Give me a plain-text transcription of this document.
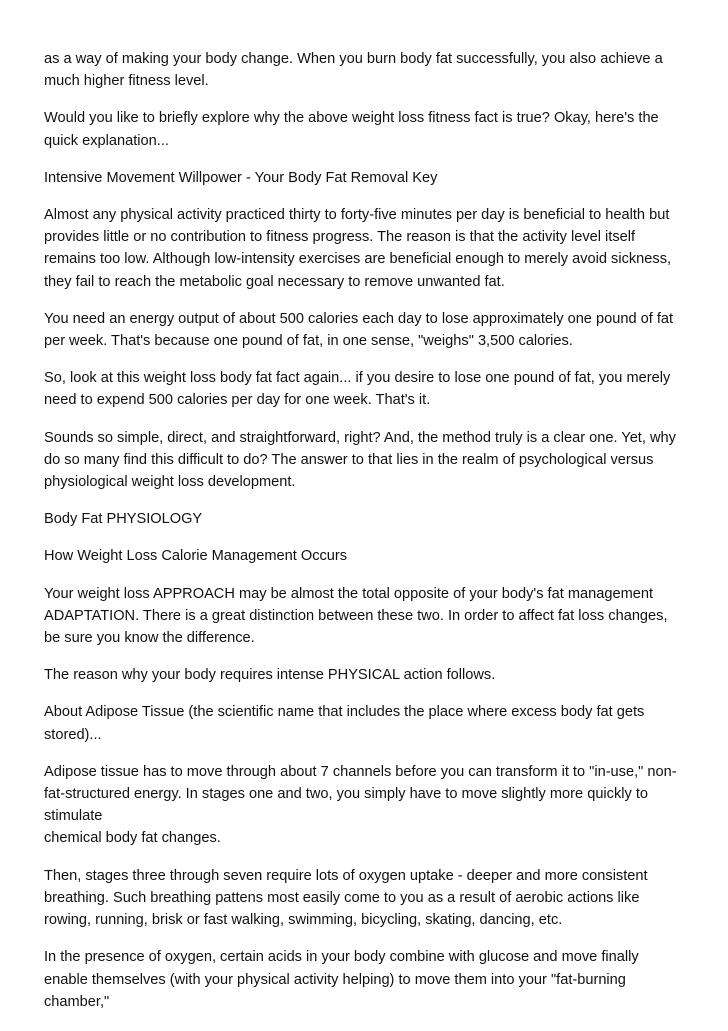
as a way of making your body change. When you burn body fat successfully, you also achieve a
much higher fitness level.

Would you like to briefly explore why the above weight loss fitness fact is true? Okay, here's the
quick explanation...

Intensive Movement Willpower - Your Body Fat Removal Key

Almost any physical activity practiced thirty to forty-five minutes per day is beneficial to health but
provides little or no contribution to fitness progress. The reason is that the activity level itself
remains too low. Although low-intensity exercises are beneficial enough to merely avoid sickness,
they fail to reach the metabolic goal necessary to remove unwanted fat.

You need an energy output of about 500 calories each day to lose approximately one pound of fat
per week. That's because one pound of fat, in one sense, "weighs" 3,500 calories.

So, look at this weight loss body fat fact again... if you desire to lose one pound of fat, you merely
need to expend 500 calories per day for one week. That's it.

Sounds so simple, direct, and straightforward, right? And, the method truly is a clear one. Yet, why
do so many find this difficult to do? The answer to that lies in the realm of psychological versus
physiological weight loss development.

Body Fat PHYSIOLOGY

How Weight Loss Calorie Management Occurs

Your weight loss APPROACH may be almost the total opposite of your body's fat management
ADAPTATION. There is a great distinction between these two. In order to affect fat loss changes,
be sure you know the difference.

The reason why your body requires intense PHYSICAL action follows.

About Adipose Tissue (the scientific name that includes the place where excess body fat gets
stored)...

Adipose tissue has to move through about 7 channels before you can transform it to "in-use," non-
fat-structured energy. In stages one and two, you simply have to move slightly more quickly to
stimulate
chemical body fat changes.

Then, stages three through seven require lots of oxygen uptake - deeper and more consistent
breathing. Such breathing pattens most easily come to you as a result of aerobic actions like
rowing, running, brisk or fast walking, swimming, bicycling, skating, dancing, etc.

In the presence of oxygen, certain acids in your body combine with glucose and move finally
enable themselves (with your physical activity helping) to move them into your "fat-burning
chamber,"
